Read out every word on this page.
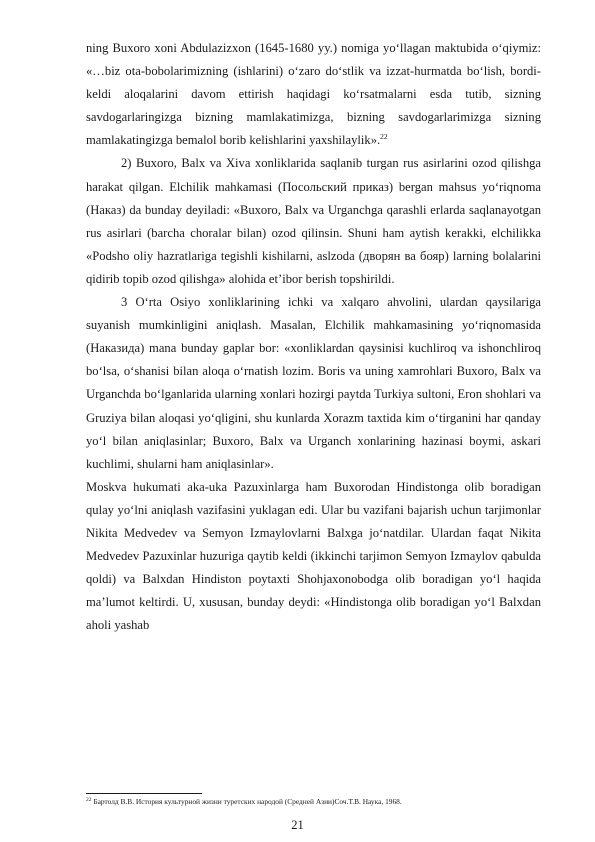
ning Buxoro xoni Abdulazizxon (1645-1680 yy.) nomiga yo‘llagan maktubida o‘qiymiz: «…biz ota-bobolarimizning (ishlarini) o‘zaro do‘stlik va izzat-hurmatda bo‘lish, bordi-keldi aloqalarini davom ettirish haqidagi ko‘rsatmalarni esda tutib, sizning savdogarlaringizga bizning mamlakatimizga, bizning savdogarlarimizga sizning mamlakatingizga bemalol borib kelishlarini yaxshilaylik».$^{22}$

2) Buxoro, Balx va Xiva xonliklarida saqlanib turgan rus asirlarini ozod qilishga harakat qilgan. Elchilik mahkamasi (Посольский приказ) bergan mahsus yo‘riqnoma (Наказ) da bunday deyiladi: «Buxoro, Balx va Urganchga qarashli erlarda saqlanayotgan rus asirlari (barcha choralar bilan) ozod qilinsin. Shuni ham aytish kerakki, elchilikka «Podsho oliy hazratlariga tegishli kishilarni, aslzoda (дворян ва бояр) larning bolalarini qidirib topib ozod qilishga» alohida et’ibor berish topshirildi.

3 O‘rta Osiyo xonliklarining ichki va xalqaro ahvolini, ulardan qaysilariga suyanish mumkinligini aniqlash. Masalan, Elchilik mahkamasining yo‘riqnomasida (Наказида) mana bunday gaplar bor: «xonliklardan qaysinisi kuchliroq va ishonchliroq bo‘lsa, o‘shanisi bilan aloqa o‘rnatish lozim. Boris va uning xamrohlari Buxoro, Balx va Urganchda bo‘lganlarida ularning xonlari hozirgi paytda Turkiya sultoni, Eron shohlari va Gruziya bilan aloqasi yo‘qligini, shu kunlarda Xorazm taxtida kim o‘tirganini har qanday yo‘l bilan aniqlasinlar; Buxoro, Balx va Urganch xonlarining hazinasi boymi, askari kuchlimi, shularni ham aniqlasinlar».

Moskva hukumati aka-uka Pazuxinlarga ham Buxorodan Hindistonga olib boradigan qulay yo‘lni aniqlash vazifasini yuklagan edi. Ular bu vazifani bajarish uchun tarjimonlar Nikita Medvedev va Semyon Izmaylovlarni Balxga jo‘natdilar. Ulardan faqat Nikita Medvedev Pazuxinlar huzuriga qaytib keldi (ikkinchi tarjimon Semyon Izmaylov qabulda qoldi) va Balxdan Hindiston poytaxti Shohjaxonobodga olib boradigan yo‘l haqida ma’lumot keltirdi. U, xususan, bunday deydi: «Hindistonga olib boradigan yo‘l Balxdan aholi yashab

$^{22}$ Бартолд В.В. История культурной жизни туретских народой (Средней Азии)Соч.Т.В. Наука, 1968.
21
